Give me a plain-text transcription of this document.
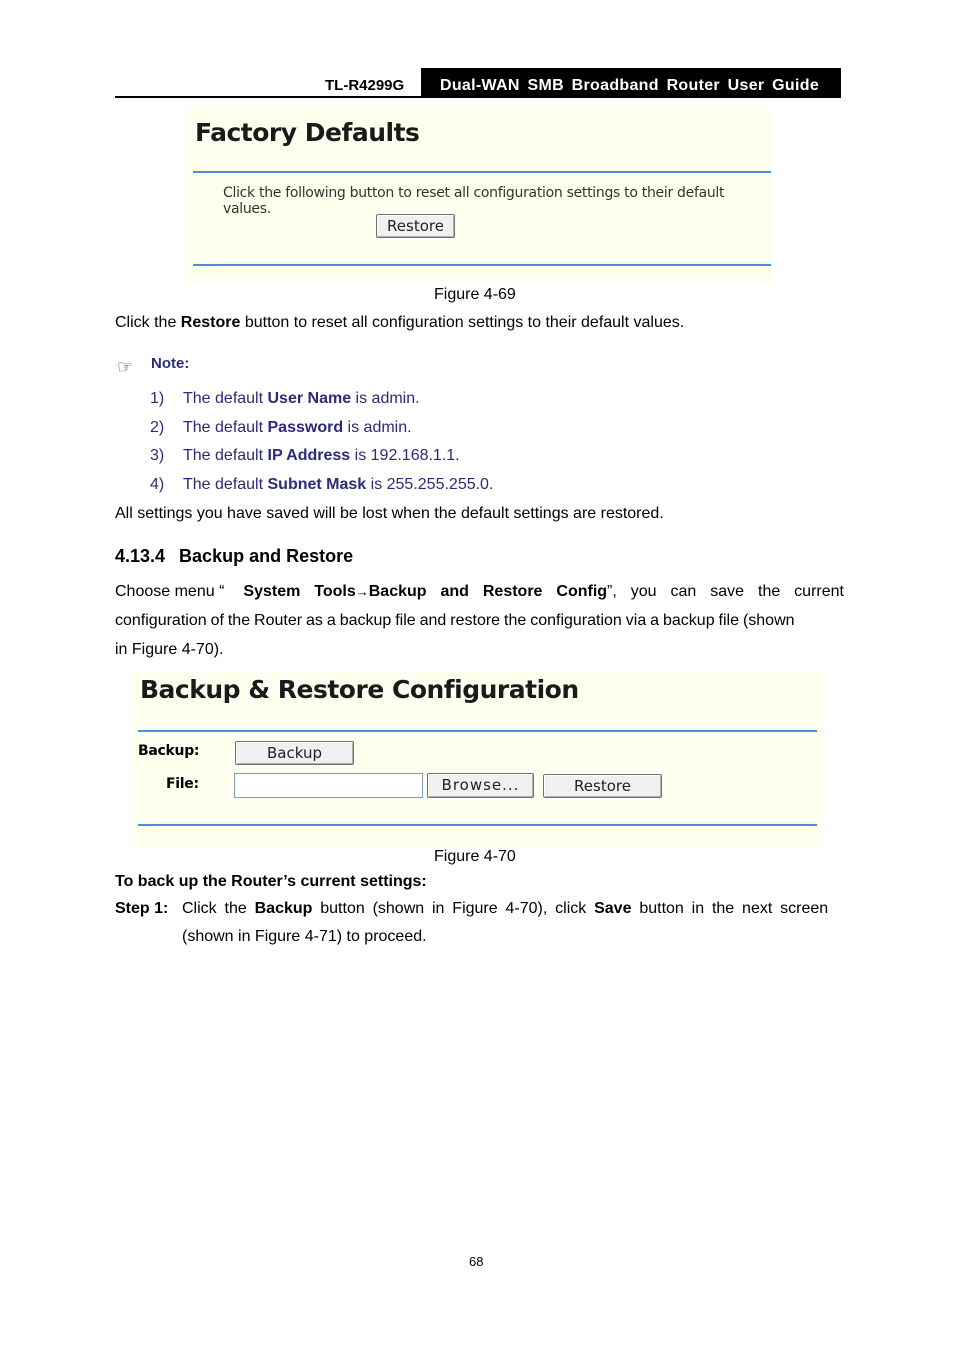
TL-R4299G	Dual-WAN SMB Broadband Router User Guide
Factory Defaults
Click the following button to reset all configuration settings to their default values.
Restore
Figure 4-69
Click the Restore button to reset all configuration settings to their default values.
☞ Note:
1) The default User Name is admin.
2) The default Password is admin.
3) The default IP Address is 192.168.1.1.
4) The default Subnet Mask is 255.255.255.0.
All settings you have saved will be lost when the default settings are restored.
4.13.4 Backup and Restore
Choose menu “	System Tools→Backup and Restore Config”, you can save the current
configuration of the Router as a backup file and restore the configuration via a backup file (shown
in Figure 4-70).
Backup & Restore Configuration
Backup:	Backup
File:	Browse...	Restore
Figure 4-70
To back up the Router’s current settings:
Step 1: Click the Backup button (shown in Figure 4-70), click Save button in the next screen
(shown in Figure 4-71) to proceed.
68
